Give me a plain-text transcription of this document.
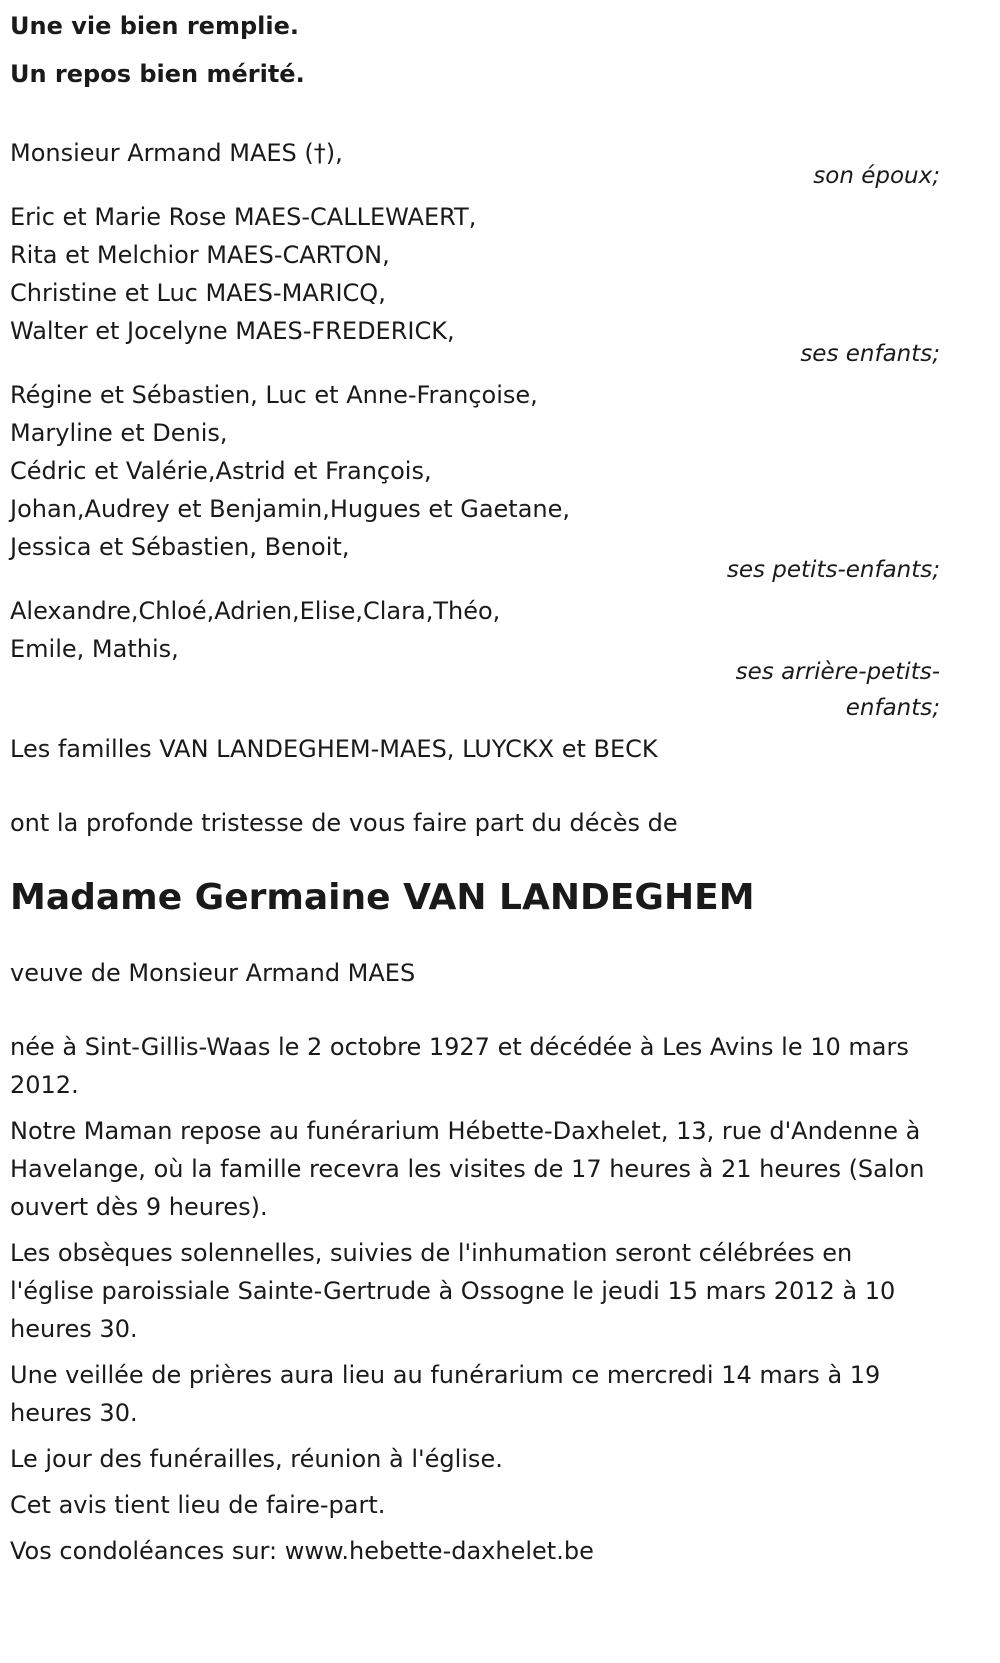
Une vie bien remplie.

Un repos bien mérité.

Monsieur Armand MAES (†),
son époux;
Eric et Marie Rose MAES-CALLEWAERT,
Rita et Melchior MAES-CARTON,
Christine et Luc MAES-MARICQ,
Walter et Jocelyne MAES-FREDERICK,
ses enfants;
Régine et Sébastien, Luc et Anne-Françoise,
Maryline et Denis,
Cédric et Valérie,Astrid et François,
Johan,Audrey et Benjamin,Hugues et Gaetane,
Jessica et Sébastien, Benoit,
ses petits-enfants;
Alexandre,Chloé,Adrien,Elise,Clara,Théo,
Emile, Mathis,
ses arrière-petits-enfants;
Les familles VAN LANDEGHEM-MAES, LUYCKX et BECK
ont la profonde tristesse de vous faire part du décès de

Madame Germaine VAN LANDEGHEM

veuve de Monsieur Armand MAES

née à Sint-Gillis-Waas le 2 octobre 1927 et décédée à Les Avins le 10 mars 2012.

Notre Maman repose au funérarium Hébette-Daxhelet, 13, rue d'Andenne à Havelange, où la famille recevra les visites de 17 heures à 21 heures (Salon ouvert dès 9 heures).

Les obsèques solennelles, suivies de l'inhumation seront célébrées en l'église paroissiale Sainte-Gertrude à Ossogne le jeudi 15 mars 2012 à 10 heures 30.

Une veillée de prières aura lieu au funérarium ce mercredi 14 mars à 19 heures 30.

Le jour des funérailles, réunion à l'église.

Cet avis tient lieu de faire-part.

Vos condoléances sur: www.hebette-daxhelet.be
